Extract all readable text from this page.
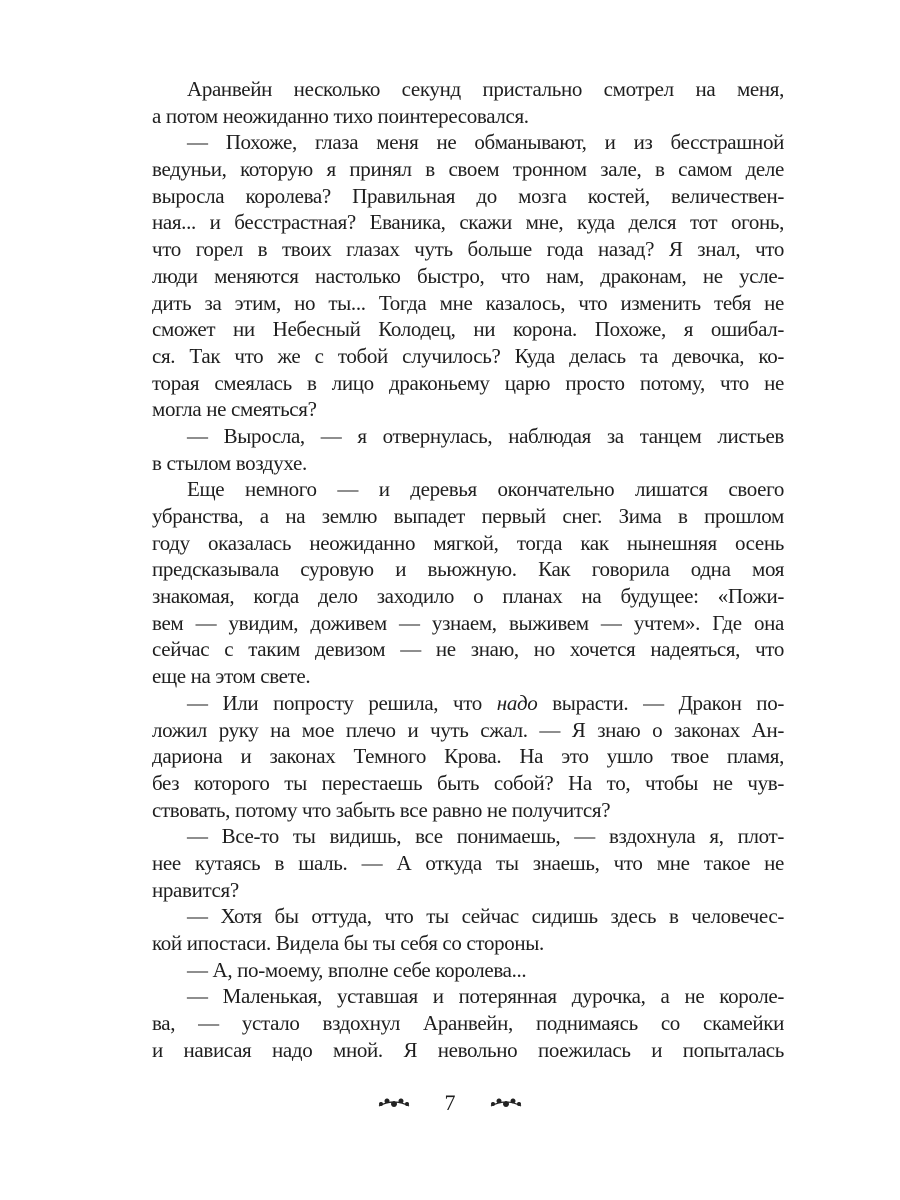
Аранвейн несколько секунд пристально смотрел на меня,
а потом неожиданно тихо поинтересовался.
— Похоже, глаза меня не обманывают, и из бесстрашной
ведуньи, которую я принял в своем тронном зале, в самом деле
выросла королева? Правильная до мозга костей, величествен-
ная... и бесстрастная? Еваника, скажи мне, куда делся тот огонь,
что горел в твоих глазах чуть больше года назад? Я знал, что
люди меняются настолько быстро, что нам, драконам, не усле-
дить за этим, но ты... Тогда мне казалось, что изменить тебя не
сможет ни Небесный Колодец, ни корона. Похоже, я ошибал-
ся. Так что же с тобой случилось? Куда делась та девочка, ко-
торая смеялась в лицо драконьему царю просто потому, что не
могла не смеяться?
— Выросла, — я отвернулась, наблюдая за танцем листьев
в стылом воздухе.
Еще немного — и деревья окончательно лишатся своего
убранства, а на землю выпадет первый снег. Зима в прошлом
году оказалась неожиданно мягкой, тогда как нынешняя осень
предсказывала суровую и вьюжную. Как говорила одна моя
знакомая, когда дело заходило о планах на будущее: «Пожи-
вем — увидим, доживем — узнаем, выживем — учтем». Где она
сейчас с таким девизом — не знаю, но хочется надеяться, что
еще на этом свете.
— Или попросту решила, что надо вырасти. — Дракон по-
ложил руку на мое плечо и чуть сжал. — Я знаю о законах Ан-
дариона и законах Темного Крова. На это ушло твое пламя,
без которого ты перестаешь быть собой? На то, чтобы не чув-
ствовать, потому что забыть все равно не получится?
— Все-то ты видишь, все понимаешь, — вздохнула я, плот-
нее кутаясь в шаль. — А откуда ты знаешь, что мне такое не
нравится?
— Хотя бы оттуда, что ты сейчас сидишь здесь в человечес-
кой ипостаси. Видела бы ты себя со стороны.
— А, по-моему, вполне себе королева...
— Маленькая, уставшая и потерянная дурочка, а не короле-
ва, — устало вздохнул Аранвейн, поднимаясь со скамейки
и нависая надо мной. Я невольно поежилась и попыталась
7
